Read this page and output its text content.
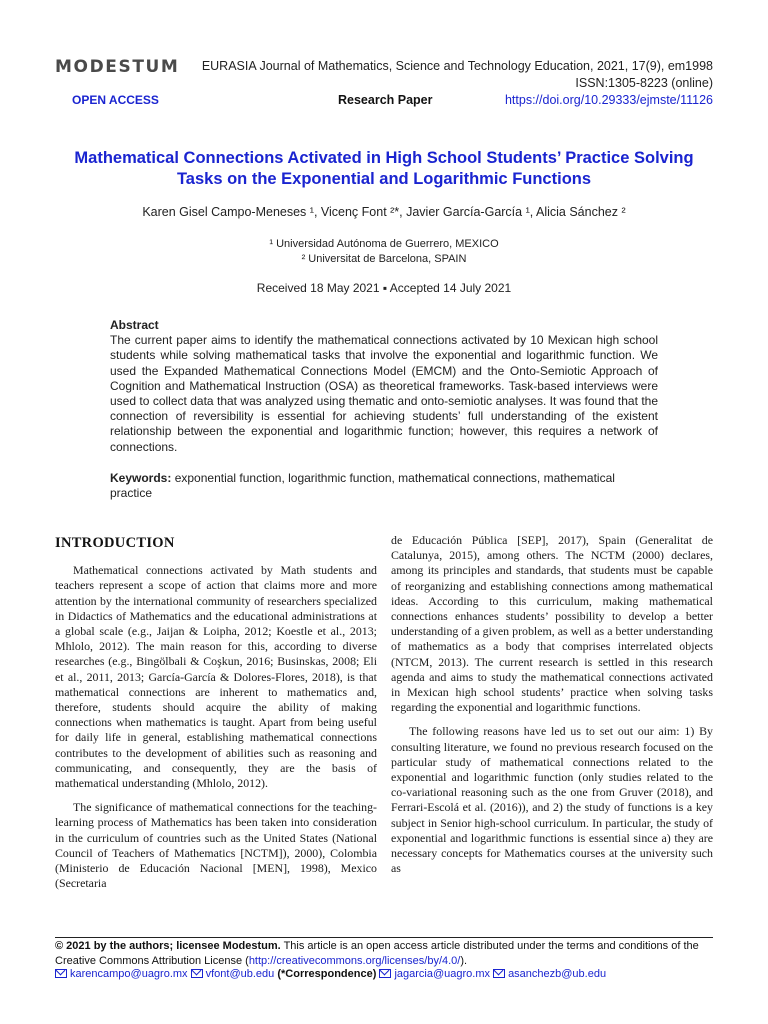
MODESTUM EURASIA Journal of Mathematics, Science and Technology Education, 2021, 17(9), em1998
ISSN:1305-8223 (online)
OPEN ACCESS	Research Paper	https://doi.org/10.29333/ejmste/11126
Mathematical Connections Activated in High School Students’ Practice Solving
Tasks on the Exponential and Logarithmic Functions
Karen Gisel Campo-Meneses ¹, Vicenç Font ²*, Javier García-García ¹, Alicia Sánchez ²
¹ Universidad Autónoma de Guerrero, MEXICO
² Universitat de Barcelona, SPAIN
Received 18 May 2021 ▪ Accepted 14 July 2021
Abstract

The current paper aims to identify the mathematical connections activated by 10 Mexican high school students while solving mathematical tasks that involve the exponential and logarithmic function. We used the Expanded Mathematical Connections Model (EMCM) and the Onto-Semiotic Approach of Cognition and Mathematical Instruction (OSA) as theoretical frameworks. Task-based interviews were used to collect data that was analyzed using thematic and onto-semiotic analyses. It was found that the connection of reversibility is essential for achieving students’ full understanding of the existent relationship between the exponential and logarithmic function; however, this requires a network of connections.

Keywords: exponential function, logarithmic function, mathematical connections, mathematical practice
INTRODUCTION

Mathematical connections activated by Math students and teachers represent a scope of action that claims more and more attention by the international community of researchers specialized in Didactics of Mathematics and the educational administrations at a global scale (e.g., Jaijan & Loipha, 2012; Koestle et al., 2013; Mhlolo, 2012). The main reason for this, according to diverse researches (e.g., Bingölbali & Coşkun, 2016; Businskas, 2008; Eli et al., 2011, 2013; García-García & Dolores-Flores, 2018), is that mathematical connections are inherent to mathematics and, therefore, students should acquire the ability of making connections when mathematics is taught. Apart from being useful for daily life in general, establishing mathematical connections contributes to the development of abilities such as reasoning and communicating, and consequently, they are the basis of mathematical understanding (Mhlolo, 2012).

The significance of mathematical connections for the teaching-learning process of Mathematics has been taken into consideration in the curriculum of countries such as the United States (National Council of Teachers of Mathematics [NCTM]), 2000), Colombia (Ministerio de Educación Nacional [MEN], 1998), Mexico (Secretaria

de Educación Pública [SEP], 2017), Spain (Generalitat de Catalunya, 2015), among others. The NCTM (2000) declares, among its principles and standards, that students must be capable of reorganizing and establishing connections among mathematical ideas. According to this curriculum, making mathematical connections enhances students’ possibility to develop a better understanding of a given problem, as well as a better understanding of mathematics as a body that comprises interrelated objects (NTCM, 2013). The current research is settled in this research agenda and aims to study the mathematical connections activated in Mexican high school students’ practice when solving tasks regarding the exponential and logarithmic functions.

The following reasons have led us to set out our aim: 1) By consulting literature, we found no previous research focused on the particular study of mathematical connections related to the exponential and logarithmic function (only studies related to the co-variational reasoning such as the one from Gruver (2018), and Ferrari-Escolá et al. (2016)), and 2) the study of functions is a key subject in Senior high-school curriculum. In particular, the study of exponential and logarithmic functions is essential since a) they are necessary concepts for Mathematics courses at the university such as

© 2021 by the authors; licensee Modestum. This article is an open access article distributed under the terms and conditions of the Creative Commons Attribution License (http://creativecommons.org/licenses/by/4.0/).
karencampo@uagro.mx vfont@ub.edu (*Correspondence) jagarcia@uagro.mx asanchezb@ub.edu
